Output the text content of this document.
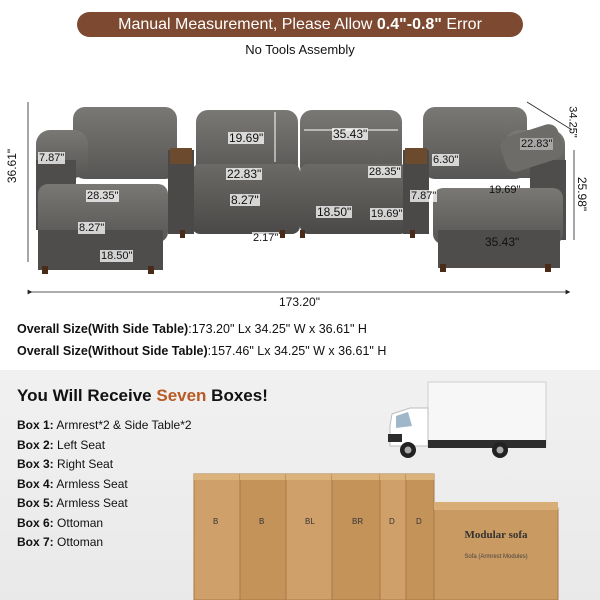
Manual Measurement, Please Allow 0.4"-0.8" Error
No Tools Assembly
36.61"
34.25"
25.98"
173.20"
7.87"
28.35"
8.27"
18.50"
19.69"
22.83"
8.27"
2.17"
35.43"
28.35"
18.50" 19.69"
7.87"
6.30"
22.83"
19.69"
35.43"
Overall Size(With Side Table):173.20" Lx 34.25" W x 36.61" H
Overall Size(Without Side Table):157.46" Lx 34.25" W x 36.61" H
You Will Receive Seven Boxes!
Box 1: Armrest*2 & Side Table*2
Box 2: Left Seat
Box 3: Right Seat
Box 4: Armless Seat
Box 5: Armless Seat
Box 6: Ottoman
Box 7: Ottoman
B	B	BL	BR	D	D
Modular sofa
Sofa (Armrest Modules)
